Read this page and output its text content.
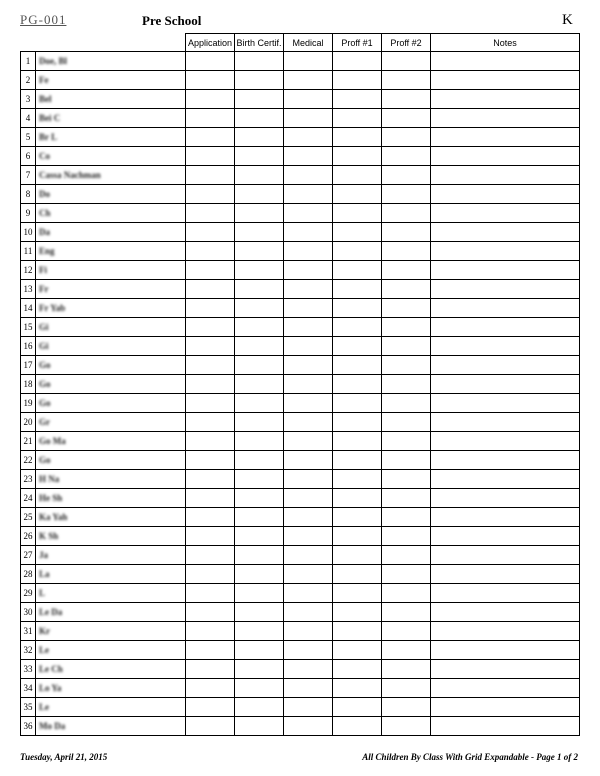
PG-001	Pre School	K
		Application	Birth Certif.	Medical	Proff #1	Proff #2	Notes
1	Doe, Bl						
2	Fe						
3	Bel						
4	Bei C						
5	Br L						
6	Co						
7	Cassa Nachman						
8	Do						
9	Ch						
10	Da						
11	Eng						
12	Fi						
13	Fr						
14	Fr Yab						
15	Gi						
16	Gi						
17	Go						
18	Go						
19	Go						
20	Gr						
21	Go Ma						
22	Go						
23	H Na						
24	He Sh						
25	Ka Yah						
26	K Sh						
27	Ja						
28	La						
29	L						
30	Le Da						
31	Kr						
32	Le						
33	Le Ch						
34	Lo Ya						
35	Le						
36	Mo Da						
Tuesday, April 21, 2015	All Children By Class With Grid Expandable - Page 1 of 2
